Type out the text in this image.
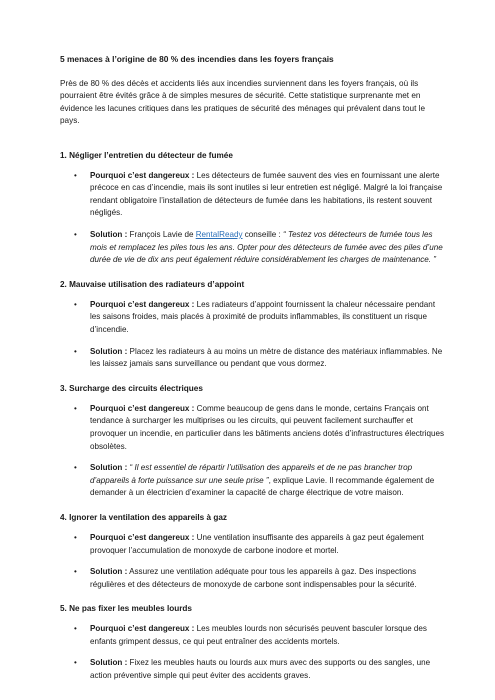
5 menaces à l’origine de 80 % des incendies dans les foyers français

Près de 80 % des décès et accidents liés aux incendies surviennent dans les foyers français, où ils pourraient être évités grâce à de simples mesures de sécurité. Cette statistique surprenante met en évidence les lacunes critiques dans les pratiques de sécurité des ménages qui prévalent dans tout le pays.

1. Négliger l’entretien du détecteur de fumée

• Pourquoi c’est dangereux : Les détecteurs de fumée sauvent des vies en fournissant une alerte précoce en cas d’incendie, mais ils sont inutiles si leur entretien est négligé. Malgré la loi française rendant obligatoire l’installation de détecteurs de fumée dans les habitations, ils restent souvent négligés.
• Solution : François Lavie de RentalReady conseille : “ Testez vos détecteurs de fumée tous les mois et remplacez les piles tous les ans. Opter pour des détecteurs de fumée avec des piles d’une durée de vie de dix ans peut également réduire considérablement les charges de maintenance. ”

2. Mauvaise utilisation des radiateurs d’appoint

• Pourquoi c’est dangereux : Les radiateurs d’appoint fournissent la chaleur nécessaire pendant les saisons froides, mais placés à proximité de produits inflammables, ils constituent un risque d’incendie.
• Solution : Placez les radiateurs à au moins un mètre de distance des matériaux inflammables. Ne les laissez jamais sans surveillance ou pendant que vous dormez.

3. Surcharge des circuits électriques

• Pourquoi c’est dangereux : Comme beaucoup de gens dans le monde, certains Français ont tendance à surcharger les multiprises ou les circuits, qui peuvent facilement surchauffer et provoquer un incendie, en particulier dans les bâtiments anciens dotés d’infrastructures électriques obsolètes.
• Solution : “ Il est essentiel de répartir l’utilisation des appareils et de ne pas brancher trop d’appareils à forte puissance sur une seule prise ”, explique Lavie. Il recommande également de demander à un électricien d’examiner la capacité de charge électrique de votre maison.

4. Ignorer la ventilation des appareils à gaz

• Pourquoi c’est dangereux : Une ventilation insuffisante des appareils à gaz peut également provoquer l’accumulation de monoxyde de carbone inodore et mortel.
• Solution : Assurez une ventilation adéquate pour tous les appareils à gaz. Des inspections régulières et des détecteurs de monoxyde de carbone sont indispensables pour la sécurité.

5. Ne pas fixer les meubles lourds

• Pourquoi c’est dangereux : Les meubles lourds non sécurisés peuvent basculer lorsque des enfants grimpent dessus, ce qui peut entraîner des accidents mortels.
• Solution : Fixez les meubles hauts ou lourds aux murs avec des supports ou des sangles, une action préventive simple qui peut éviter des accidents graves.
